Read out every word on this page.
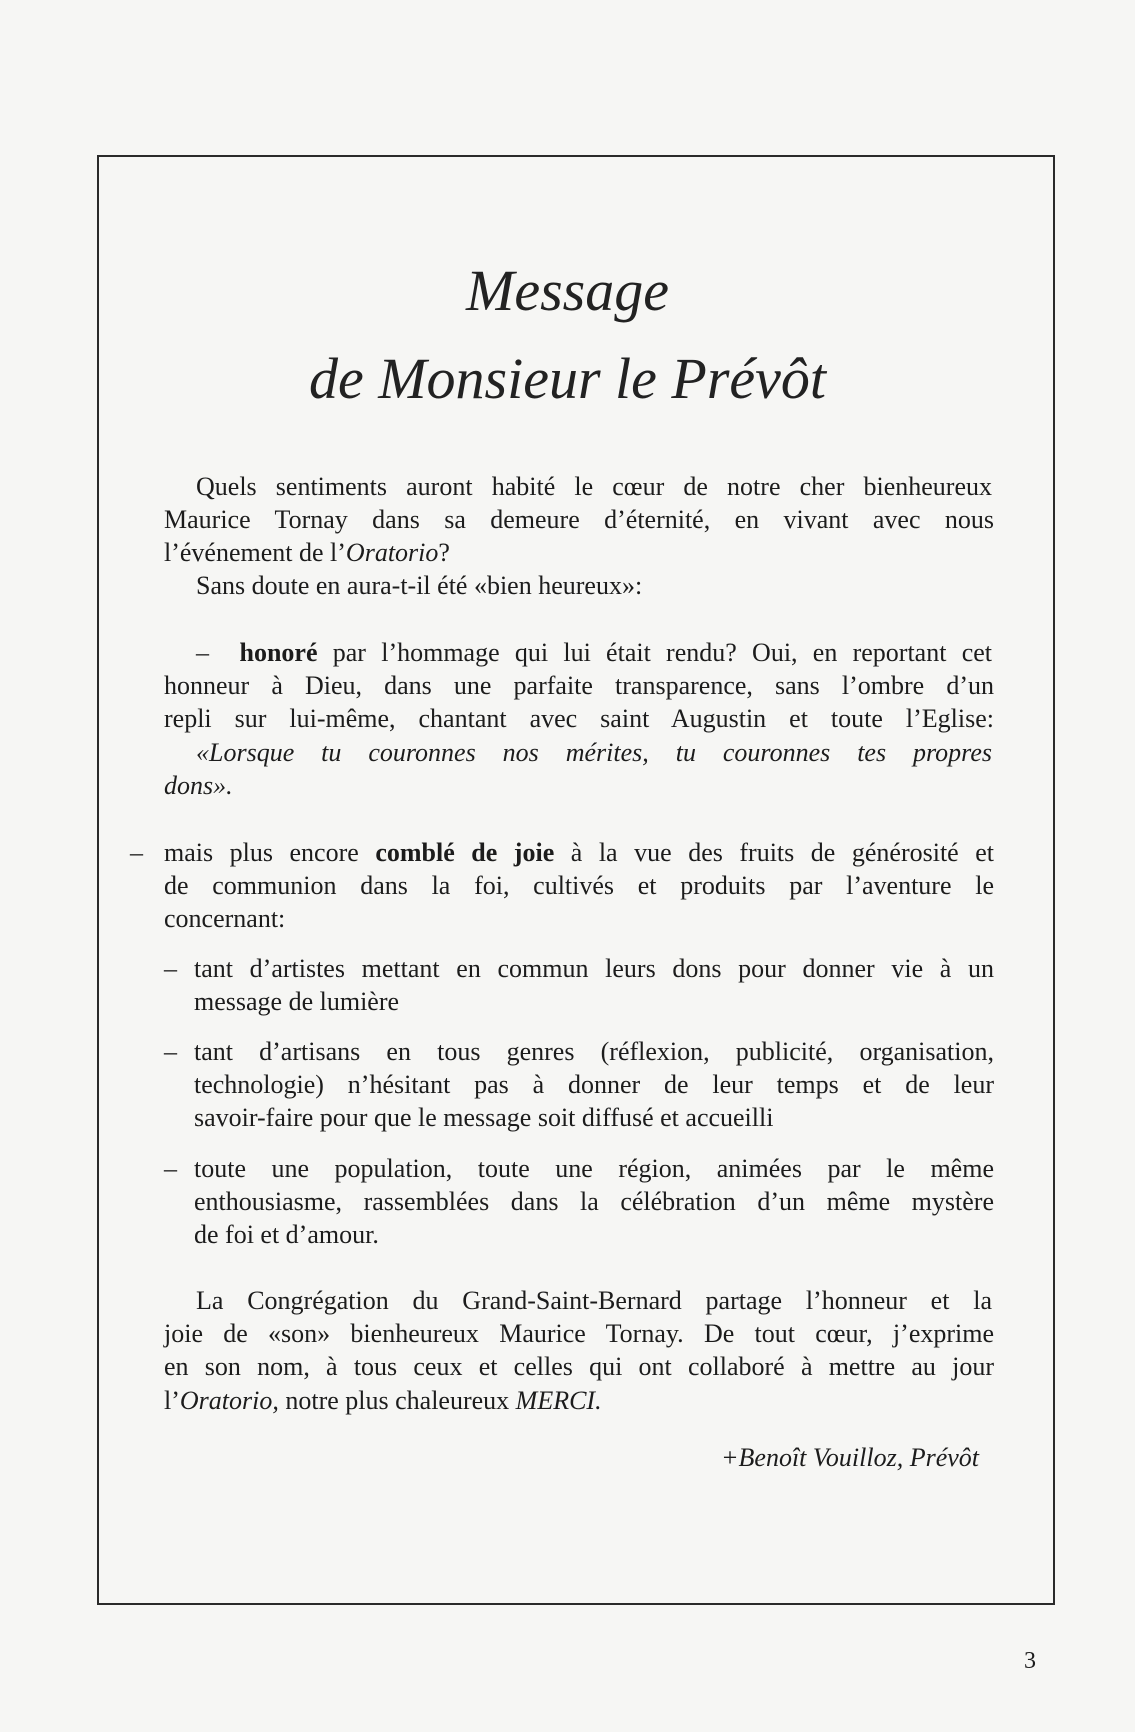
Message
de Monsieur le Prévôt
Quels sentiments auront habité le cœur de notre cher bienheureux
Maurice Tornay dans sa demeure d’éternité, en vivant avec nous
l’événement de l’Oratorio?
Sans doute en aura-t-il été «bien heureux»:
– honoré par l’hommage qui lui était rendu? Oui, en reportant cet
honneur à Dieu, dans une parfaite transparence, sans l’ombre d’un
repli sur lui-même, chantant avec saint Augustin et toute l’Eglise:
«Lorsque tu couronnes nos mérites, tu couronnes tes propres
dons».
– mais plus encore comblé de joie à la vue des fruits de générosité et
de communion dans la foi, cultivés et produits par l’aventure le
concernant:
– tant d’artistes mettant en commun leurs dons pour donner vie à un
message de lumière
– tant d’artisans en tous genres (réflexion, publicité, organisation,
technologie) n’hésitant pas à donner de leur temps et de leur
savoir-faire pour que le message soit diffusé et accueilli
– toute une population, toute une région, animées par le même
enthousiasme, rassemblées dans la célébration d’un même mystère
de foi et d’amour.
La Congrégation du Grand-Saint-Bernard partage l’honneur et la
joie de «son» bienheureux Maurice Tornay. De tout cœur, j’exprime
en son nom, à tous ceux et celles qui ont collaboré à mettre au jour
l’Oratorio, notre plus chaleureux MERCI.
+Benoît Vouilloz, Prévôt
3
